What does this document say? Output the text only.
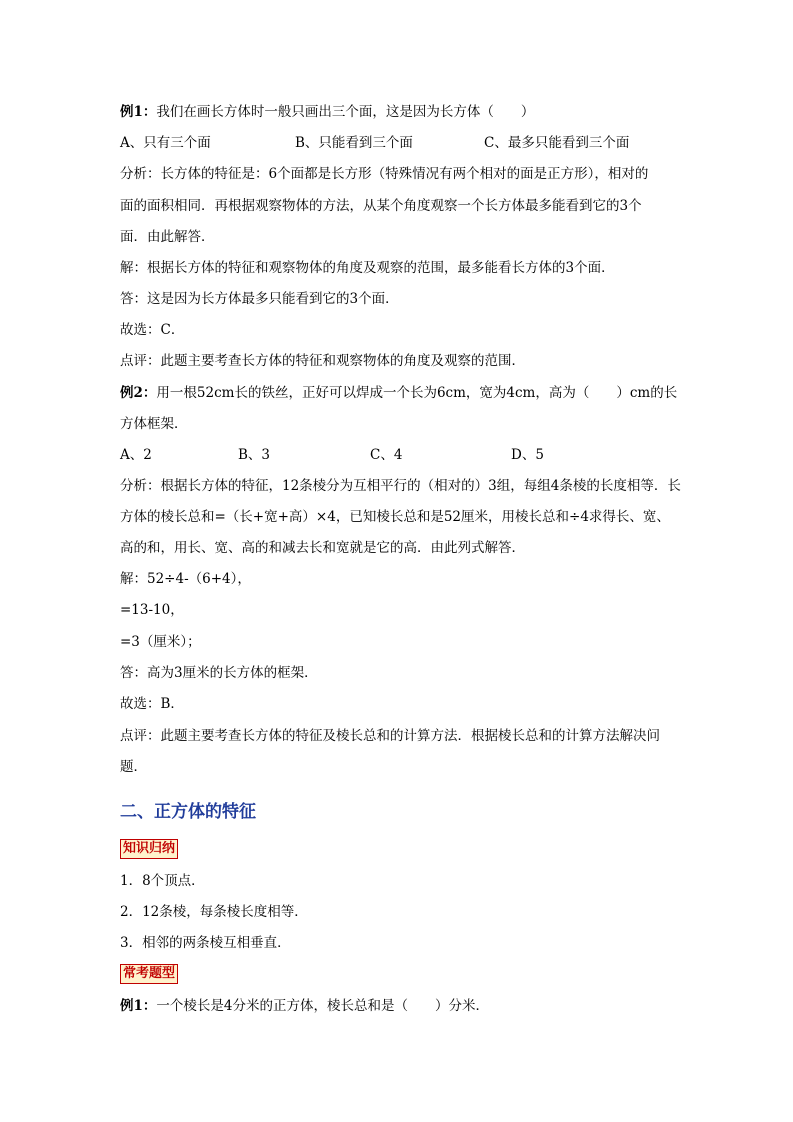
例1：我们在画长方体时一般只画出三个面，这是因为长方体（　　）
A、只有三个面	B、只能看到三个面	C、最多只能看到三个面
分析：长方体的特征是：6个面都是长方形（特殊情况有两个相对的面是正方形），相对的
面的面积相同．再根据观察物体的方法，从某个角度观察一个长方体最多能看到它的3个
面．由此解答．
解：根据长方体的特征和观察物体的角度及观察的范围，最多能看长方体的3个面．
答：这是因为长方体最多只能看到它的3个面．
故选：C．
点评：此题主要考查长方体的特征和观察物体的角度及观察的范围．
例2：用一根52cm长的铁丝，正好可以焊成一个长为6cm，宽为4cm，高为（　　）cm的长
方体框架．
A、2	B、3	C、4	D、5
分析：根据长方体的特征，12条棱分为互相平行的（相对的）3组，每组4条棱的长度相等．长
方体的棱长总和=（长+宽+高）×4，已知棱长总和是52厘米，用棱长总和÷4求得长、宽、
高的和，用长、宽、高的和减去长和宽就是它的高．由此列式解答．
解：52÷4-（6+4），
=13-10，
=3（厘米）；
答：高为3厘米的长方体的框架．
故选：B．
点评：此题主要考查长方体的特征及棱长总和的计算方法．根据棱长总和的计算方法解决问
题．
二、正方体的特征
知识归纳
1．8个顶点．
2．12条棱，每条棱长度相等．
3．相邻的两条棱互相垂直．
常考题型
例1：一个棱长是4分米的正方体，棱长总和是（　　）分米．
